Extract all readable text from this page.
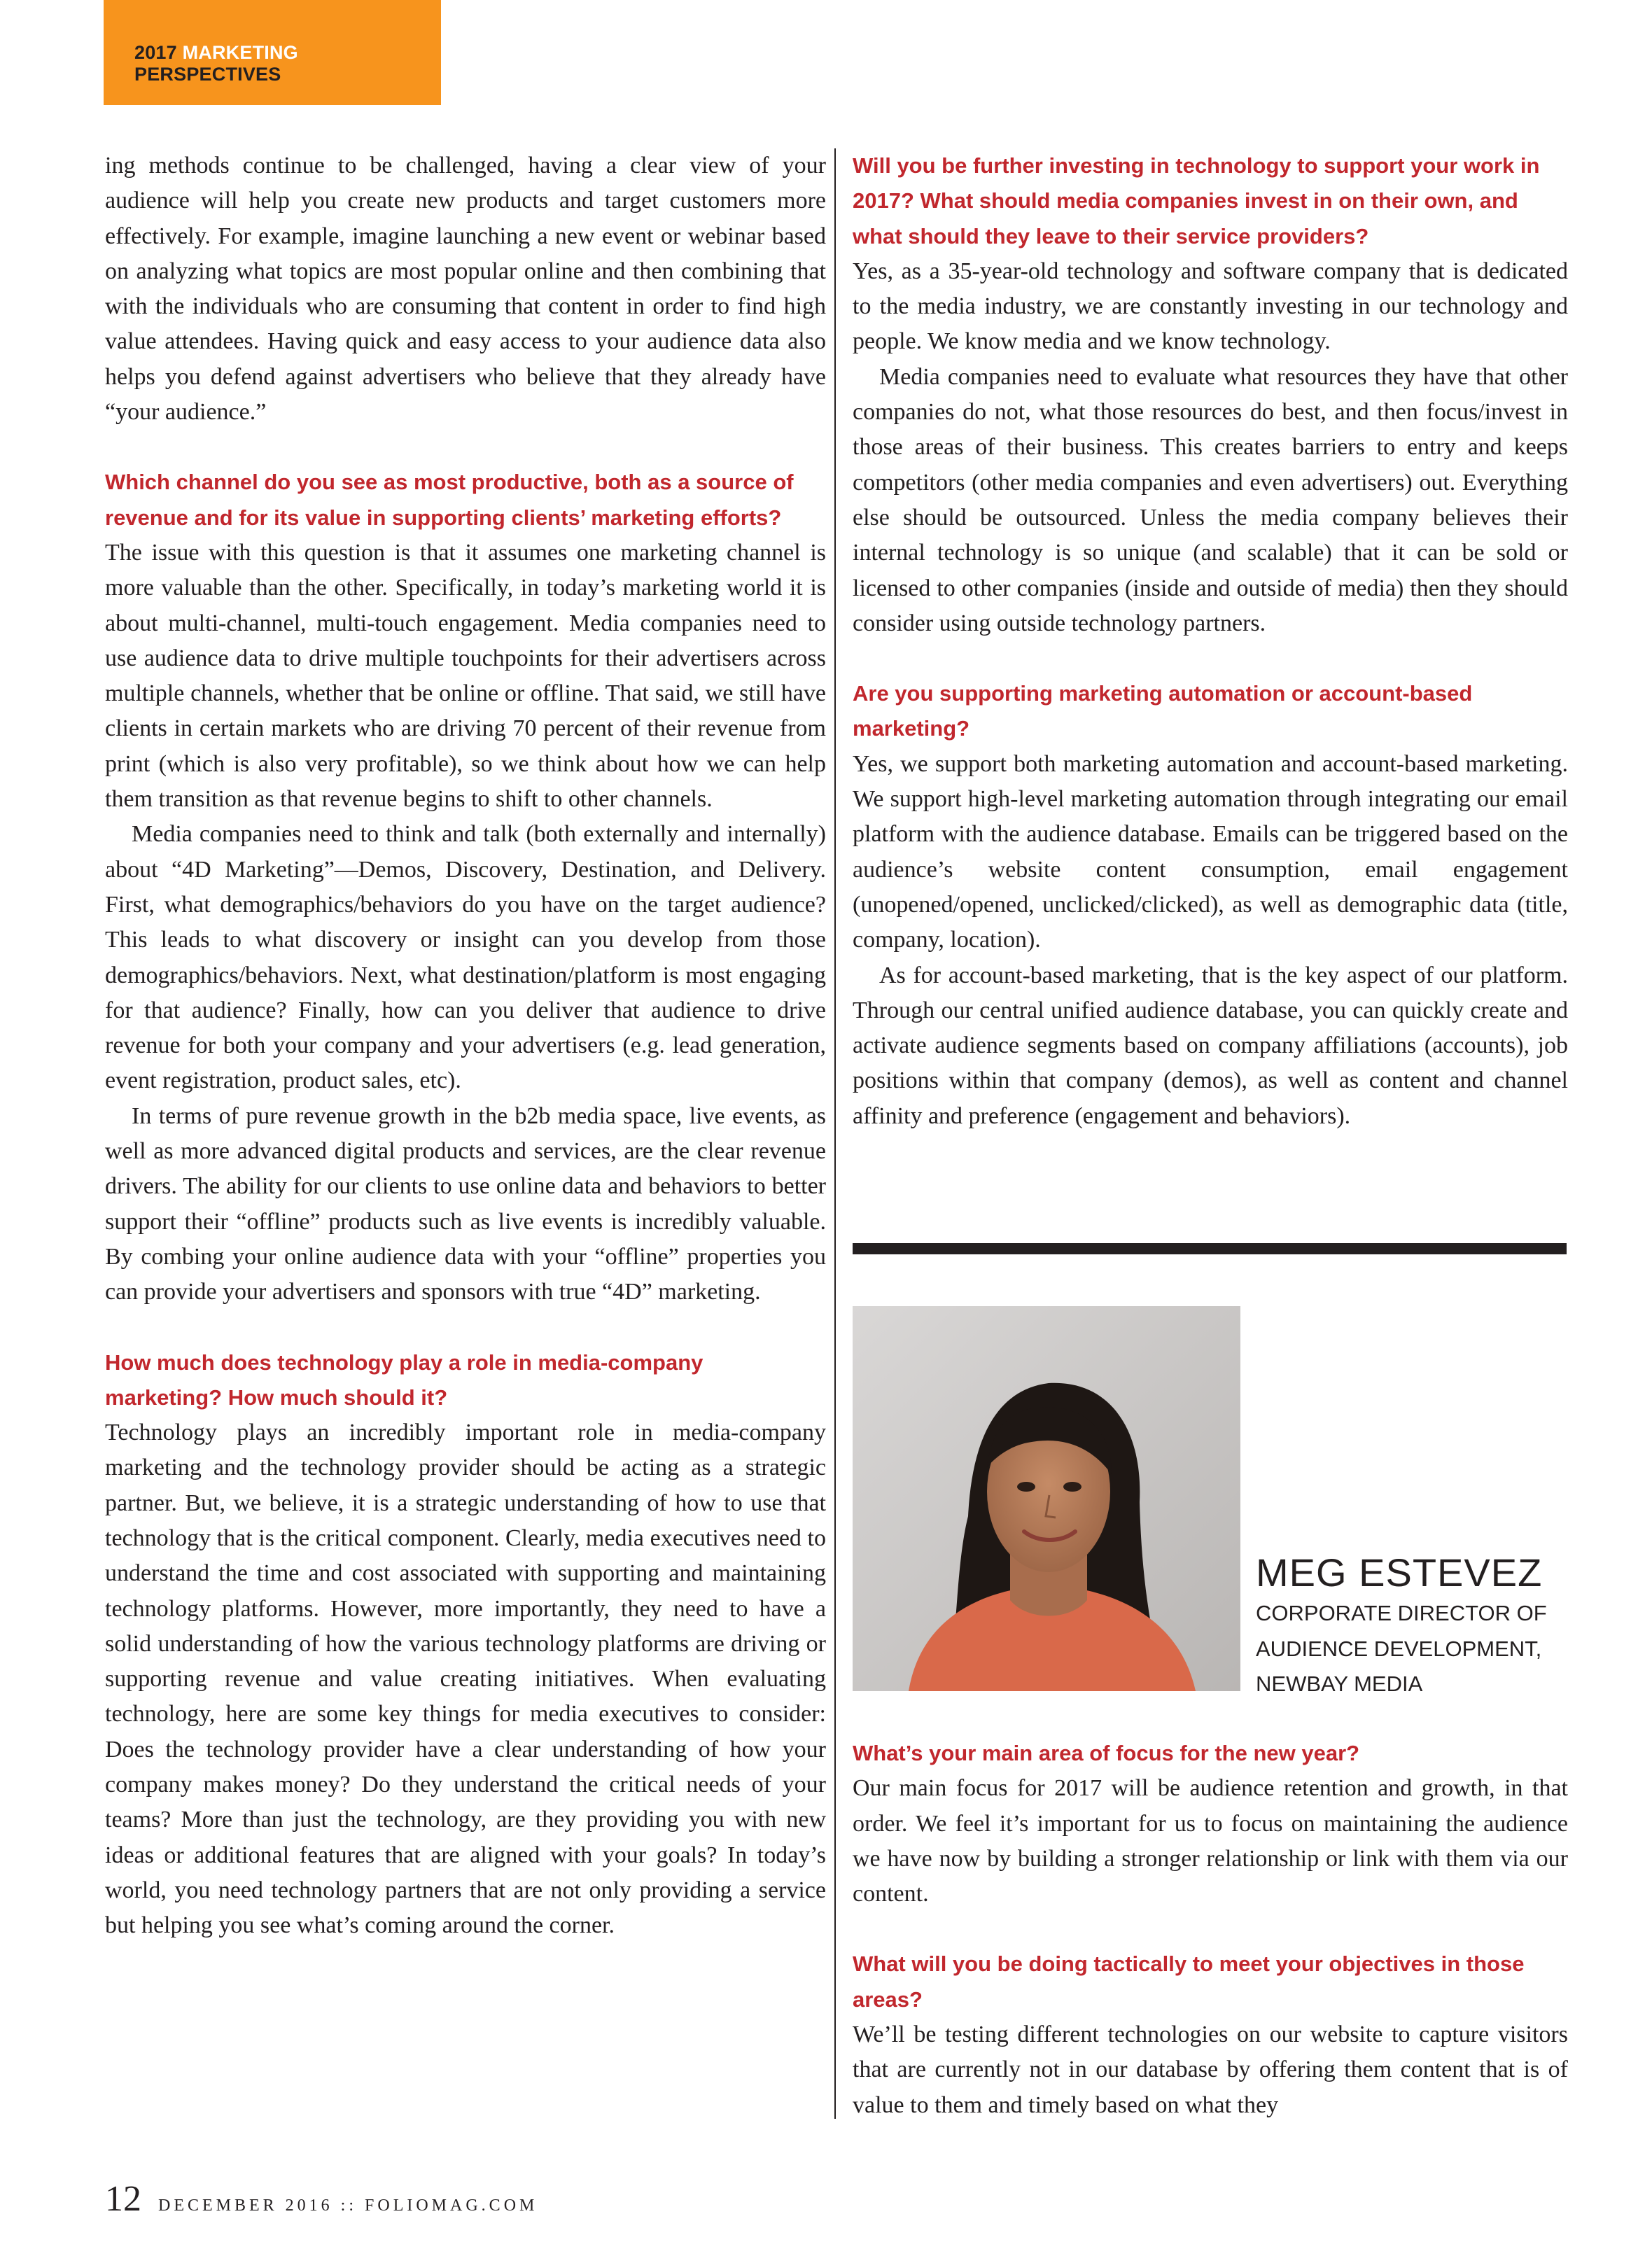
2017 MARKETING PERSPECTIVES

ing methods continue to be challenged, having a clear view of your audience will help you create new products and target customers more effectively. For example, imagine launching a new event or webinar based on analyzing what topics are most popular online and then combining that with the individuals who are consuming that content in order to find high value attendees. Having quick and easy access to your audience data also helps you defend against advertisers who believe that they already have “your audience.”

Which channel do you see as most productive, both as a source of revenue and for its value in supporting clients’ marketing efforts?

The issue with this question is that it assumes one marketing channel is more valuable than the other. Specifically, in today’s marketing world it is about multi-channel, multi-touch engagement. Media companies need to use audience data to drive multiple touchpoints for their advertisers across multiple channels, whether that be online or offline. That said, we still have clients in certain markets who are driving 70 percent of their revenue from print (which is also very profitable), so we think about how we can help them transition as that revenue begins to shift to other channels.

Media companies need to think and talk (both externally and internally) about “4D Marketing”—Demos, Discovery, Destination, and Delivery. First, what demographics/behaviors do you have on the target audience? This leads to what discovery or insight can you develop from those demographics/behaviors. Next, what destination/platform is most engaging for that audience? Finally, how can you deliver that audience to drive revenue for both your company and your advertisers (e.g. lead generation, event registration, product sales, etc).

In terms of pure revenue growth in the b2b media space, live events, as well as more advanced digital products and services, are the clear revenue drivers. The ability for our clients to use online data and behaviors to better support their “offline” products such as live events is incredibly valuable. By combing your online audience data with your “offline” properties you can provide your advertisers and sponsors with true “4D” marketing.

How much does technology play a role in media-company marketing? How much should it?

Technology plays an incredibly important role in media-company marketing and the technology provider should be acting as a strategic partner. But, we believe, it is a strategic understanding of how to use that technology that is the critical component. Clearly, media executives need to understand the time and cost associated with supporting and maintaining technology platforms. However, more importantly, they need to have a solid understanding of how the various technology platforms are driving or supporting revenue and value creating initiatives. When evaluating technology, here are some key things for media executives to consider: Does the technology provider have a clear understanding of how your company makes money? Do they understand the critical needs of your teams? More than just the technology, are they providing you with new ideas or additional features that are aligned with your goals? In today’s world, you need technology partners that are not only providing a service but helping you see what’s coming around the corner.

Will you be further investing in technology to support your work in 2017? What should media companies invest in on their own, and what should they leave to their service providers?

Yes, as a 35-year-old technology and software company that is dedicated to the media industry, we are constantly investing in our technology and people. We know media and we know technology.

Media companies need to evaluate what resources they have that other companies do not, what those resources do best, and then focus/invest in those areas of their business. This creates barriers to entry and keeps competitors (other media companies and even advertisers) out. Everything else should be outsourced. Unless the media company believes their internal technology is so unique (and scalable) that it can be sold or licensed to other companies (inside and outside of media) then they should consider using outside technology partners.

Are you supporting marketing automation or account-based marketing?

Yes, we support both marketing automation and account-based marketing. We support high-level marketing automation through integrating our email platform with the audience database. Emails can be triggered based on the audience’s website content consumption, email engagement (unopened/opened, unclicked/clicked), as well as demographic data (title, company, location).

As for account-based marketing, that is the key aspect of our platform. Through our central unified audience database, you can quickly create and activate audience segments based on company affiliations (accounts), job positions within that company (demos), as well as content and channel affinity and preference (engagement and behaviors).

MEG ESTEVEZ
CORPORATE DIRECTOR OF
AUDIENCE DEVELOPMENT,
NEWBAY MEDIA

What’s your main area of focus for the new year?

Our main focus for 2017 will be audience retention and growth, in that order. We feel it’s important for us to focus on maintaining the audience we have now by building a stronger relationship or link with them via our content.

What will you be doing tactically to meet your objectives in those areas?

We’ll be testing different technologies on our website to capture visitors that are currently not in our database by offering them content that is of value to them and timely based on what they

12 DECEMBER 2016 :: FOLIOMAG.COM
